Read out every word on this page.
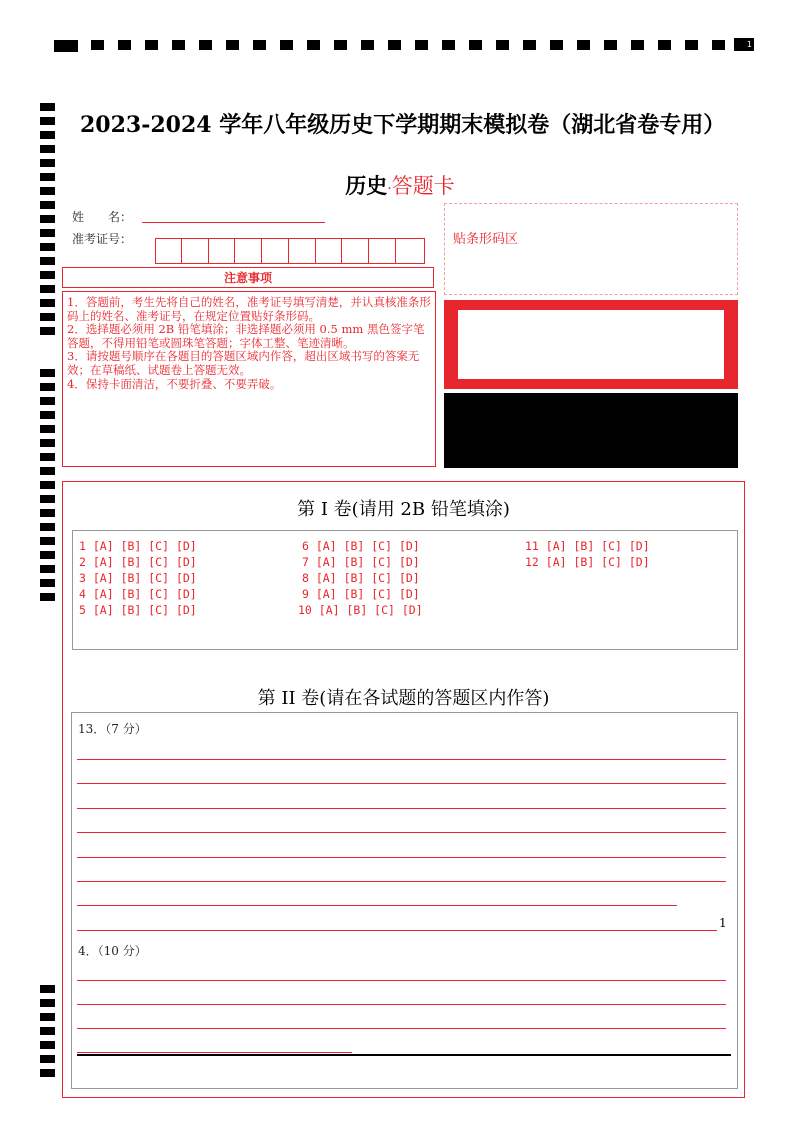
1
2023-2024 学年八年级历史下学期期末模拟卷（湖北省卷专用）
历史·答题卡
姓　　名：
准考证号：	贴条形码区
注意事项

1．答题前，考生先将自己的姓名，准考证号填写清楚，并认真核准条形码上的姓名、准考证号，在规定位置贴好条形码。

2．选择题必须用 2B 铅笔填涂；非选择题必须用 0.5 mm 黑色签字笔答题，不得用铅笔或圆珠笔答题；字体工整、笔迹清晰。

3．请按题号顺序在各题目的答题区域内作答，超出区域书写的答案无效；在草稿纸、试题卷上答题无效。

4．保持卡面清洁，不要折叠、不要弄破。

第 I 卷(请用 2B 铅笔填涂)
1 [A] [B] [C] [D]
2 [A] [B] [C] [D]
3 [A] [B] [C] [D]
4 [A] [B] [C] [D]
5 [A] [B] [C] [D]
6 [A] [B] [C] [D]
7 [A] [B] [C] [D]
8 [A] [B] [C] [D]
9 [A] [B] [C] [D]
10 [A] [B] [C] [D]
11 [A] [B] [C] [D]
12 [A] [B] [C] [D]
第 II 卷(请在各试题的答题区内作答)
13．（7 分）
1
4．（10 分）
